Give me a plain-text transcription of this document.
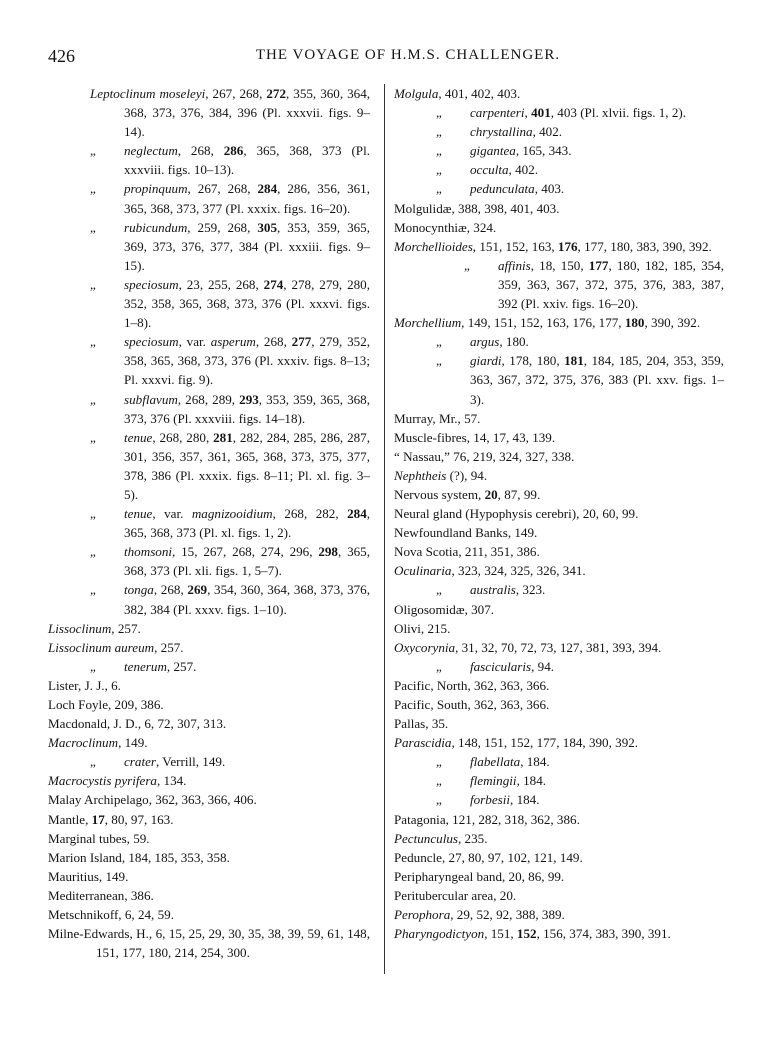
426	THE VOYAGE OF H.M.S. CHALLENGER.
Leptoclinum moseleyi, 267, 268, 272, 355, 360, 364, 368, 373, 376, 384, 396 (Pl. xxxvii. figs. 9–14).
„neglectum, 268, 286, 365, 368, 373 (Pl. xxxviii. figs. 10–13).
„propinquum, 267, 268, 284, 286, 356, 361, 365, 368, 373, 377 (Pl. xxxix. figs. 16–20).
„rubicundum, 259, 268, 305, 353, 359, 365, 369, 373, 376, 377, 384 (Pl. xxxiii. figs. 9–15).
„speciosum, 23, 255, 268, 274, 278, 279, 280, 352, 358, 365, 368, 373, 376 (Pl. xxxvi. figs. 1–8).
„speciosum, var. asperum, 268, 277, 279, 352, 358, 365, 368, 373, 376 (Pl. xxxiv. figs. 8–13; Pl. xxxvi. fig. 9).
„subflavum, 268, 289, 293, 353, 359, 365, 368, 373, 376 (Pl. xxxviii. figs. 14–18).
„tenue, 268, 280, 281, 282, 284, 285, 286, 287, 301, 356, 357, 361, 365, 368, 373, 375, 377, 378, 386 (Pl. xxxix. figs. 8–11; Pl. xl. fig. 3–5).
„tenue, var. magnizooidium, 268, 282, 284, 365, 368, 373 (Pl. xl. figs. 1, 2).
„thomsoni, 15, 267, 268, 274, 296, 298, 365, 368, 373 (Pl. xli. figs. 1, 5–7).
„tonga, 268, 269, 354, 360, 364, 368, 373, 376, 382, 384 (Pl. xxxv. figs. 1–10).
Lissoclinum, 257.
Lissoclinum aureum, 257.
„tenerum, 257.
Lister, J. J., 6.
Loch Foyle, 209, 386.
Macdonald, J. D., 6, 72, 307, 313.
Macroclinum, 149.
„crater, Verrill, 149.
Macrocystis pyrifera, 134.
Malay Archipelago, 362, 363, 366, 406.
Mantle, 17, 80, 97, 163.
Marginal tubes, 59.
Marion Island, 184, 185, 353, 358.
Mauritius, 149.
Mediterranean, 386.
Metschnikoff, 6, 24, 59.
Milne-Edwards, H., 6, 15, 25, 29, 30, 35, 38, 39, 59, 61, 148, 151, 177, 180, 214, 254, 300.
Molgula, 401, 402, 403.
„carpenteri, 401, 403 (Pl. xlvii. figs. 1, 2).
„chrystallina, 402.
„gigantea, 165, 343.
„occulta, 402.
„pedunculata, 403.
Molgulidæ, 388, 398, 401, 403.
Monocynthiæ, 324.
Morchellioides, 151, 152, 163, 176, 177, 180, 383, 390, 392.
„affinis, 18, 150, 177, 180, 182, 185, 354, 359, 363, 367, 372, 375, 376, 383, 387, 392 (Pl. xxiv. figs. 16–20).
Morchellium, 149, 151, 152, 163, 176, 177, 180, 390, 392.
„argus, 180.
„giardi, 178, 180, 181, 184, 185, 204, 353, 359, 363, 367, 372, 375, 376, 383 (Pl. xxv. figs. 1–3).
Murray, Mr., 57.
Muscle-fibres, 14, 17, 43, 139.
“ Nassau,” 76, 219, 324, 327, 338.
Nephtheis (?), 94.
Nervous system, 20, 87, 99.
Neural gland (Hypophysis cerebri), 20, 60, 99.
Newfoundland Banks, 149.
Nova Scotia, 211, 351, 386.
Oculinaria, 323, 324, 325, 326, 341.
„australis, 323.
Oligosomidæ, 307.
Olivi, 215.
Oxycorynia, 31, 32, 70, 72, 73, 127, 381, 393, 394.
„fascicularis, 94.
Pacific, North, 362, 363, 366.
Pacific, South, 362, 363, 366.
Pallas, 35.
Parascidia, 148, 151, 152, 177, 184, 390, 392.
„flabellata, 184.
„flemingii, 184.
„forbesii, 184.
Patagonia, 121, 282, 318, 362, 386.
Pectunculus, 235.
Peduncle, 27, 80, 97, 102, 121, 149.
Peripharyngeal band, 20, 86, 99.
Peritubercular area, 20.
Perophora, 29, 52, 92, 388, 389.
Pharyngodictyon, 151, 152, 156, 374, 383, 390, 391.
